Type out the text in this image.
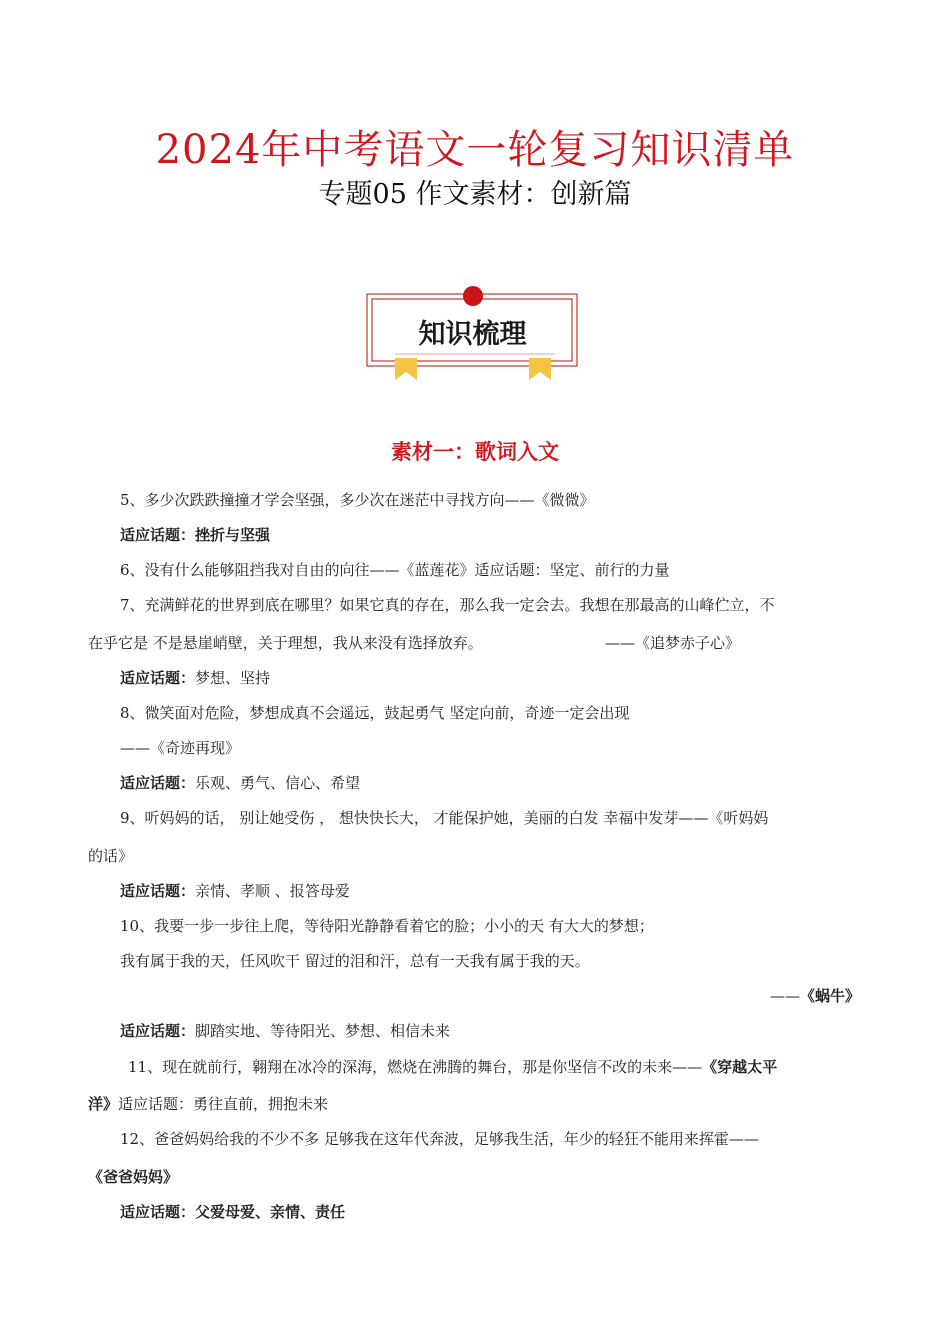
2024年中考语文一轮复习知识清单
专题05 作文素材：创新篇
知识梳理
素材一：歌词入文
5、多少次跌跌撞撞才学会坚强，多少次在迷茫中寻找方向——《微微》
适应话题：挫折与坚强
6、没有什么能够阻挡我对自由的向往——《蓝莲花》适应话题：坚定、前行的力量
7、充满鲜花的世界到底在哪里？如果它真的存在，那么我一定会去。我想在那最高的山峰伫立，不
在乎它是 不是悬崖峭壁，关于理想，我从来没有选择放弃。	——《追梦赤子心》
适应话题：梦想、坚持
8、微笑面对危险，梦想成真不会遥远，鼓起勇气 坚定向前，奇迹一定会出现
——《奇迹再现》
适应话题：乐观、勇气、信心、希望
9、听妈妈的话， 别让她受伤 ， 想快快长大， 才能保护她，美丽的白发 幸福中发芽——《听妈妈
的话》
适应话题：亲情、孝顺 、报答母爱
10、我要一步一步往上爬，等待阳光静静看着它的脸；小小的天 有大大的梦想；
我有属于我的天，任风吹干 留过的泪和汗，总有一天我有属于我的天。
——《蜗牛》
适应话题：脚踏实地、等待阳光、梦想、相信未来
11、现在就前行，翱翔在冰冷的深海，燃烧在沸腾的舞台，那是你坚信不改的未来——《穿越太平
洋》适应话题：勇往直前，拥抱未来
12、爸爸妈妈给我的不少不多 足够我在这年代奔波，足够我生活，年少的轻狂不能用来挥霍——
《爸爸妈妈》
适应话题：父爱母爱、亲情、责任
